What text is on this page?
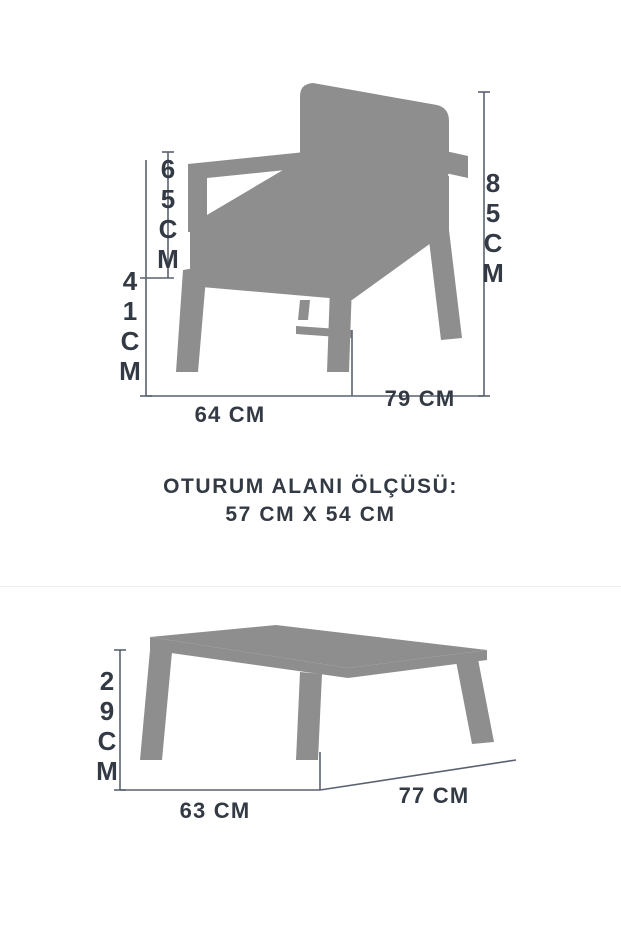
6
5
C
M
4
1
C
M
8
5
C
M
64 CM
79 CM
2
9
C
M
63 CM
77 CM
OTURUM ALANI ÖLÇÜSÜ:
57 CM X 54 CM
